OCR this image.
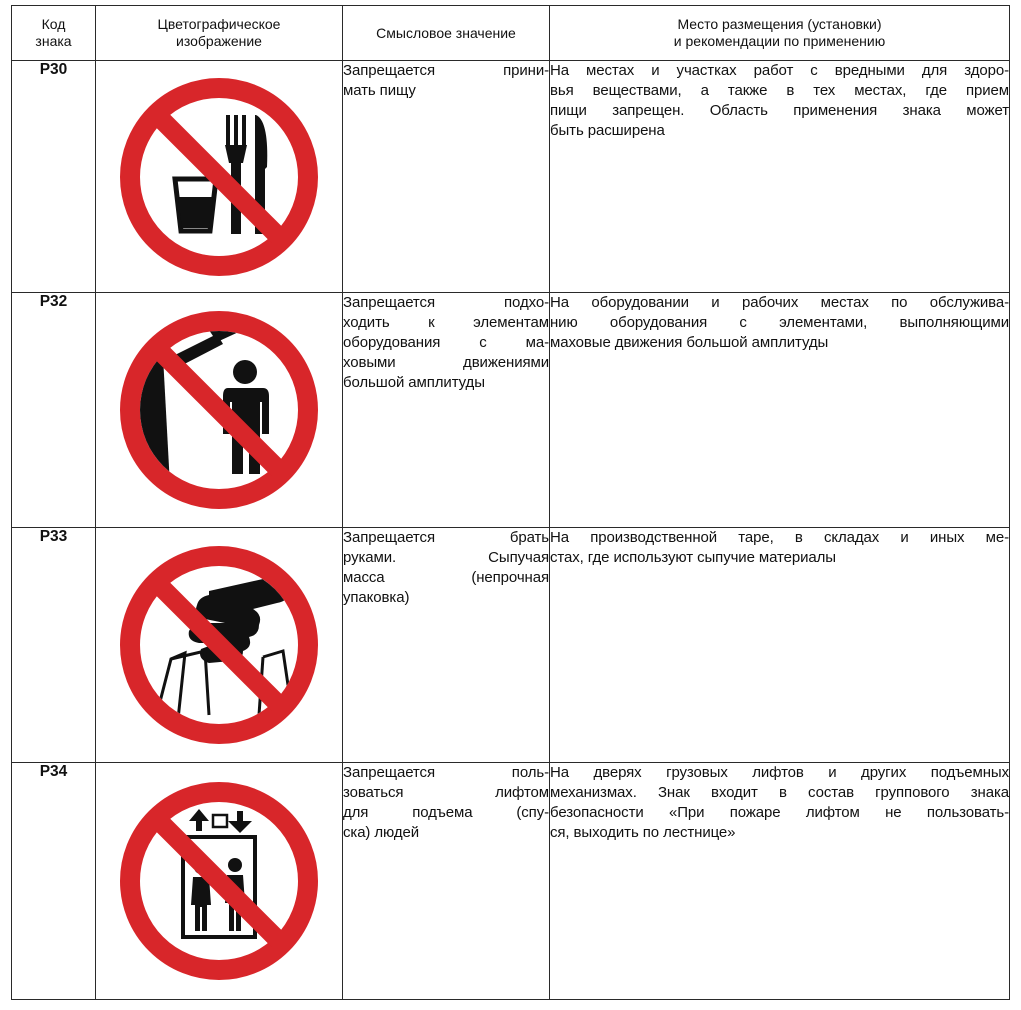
Код
знака	Цветографическое
изображение	Смысловое значение	Место размещения (установки)
и рекомендации по применению

P30		Запрещается прини-
мать пищу	На местах и участках работ с вредными для здоро-
вья веществами, а также в тех местах, где прием
пищи запрещен. Область применения знака может
быть расширена

P32		Запрещается подхо-
ходить к элементам
оборудования с ма-
ховыми движениями
большой амплитуды	На оборудовании и рабочих местах по обслужива-
нию оборудования с элементами, выполняющими
маховые движения большой амплитуды

P33		Запрещается брать
руками. Сыпучая
масса (непрочная
упаковка)	На производственной таре, в складах и иных ме-
стах, где используют сыпучие материалы

P34		Запрещается поль-
зоваться лифтом
для подъема (спу-
ска) людей	На дверях грузовых лифтов и других подъемных
механизмах. Знак входит в состав группового знака
безопасности «При пожаре лифтом не пользовать-
ся, выходить по лестнице»
